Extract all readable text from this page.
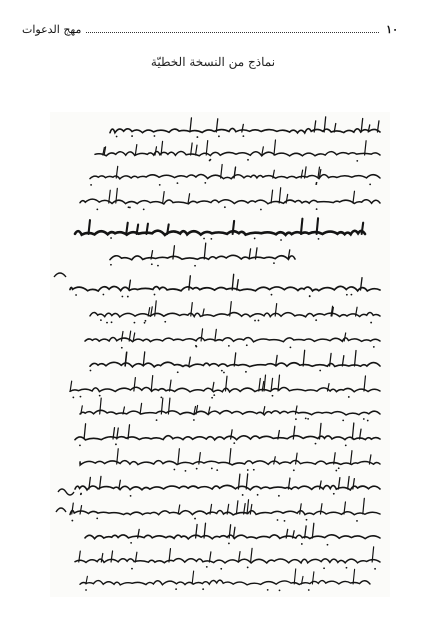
١٠
مهج الدعوات
نماذج من النسخة الخطيّة
